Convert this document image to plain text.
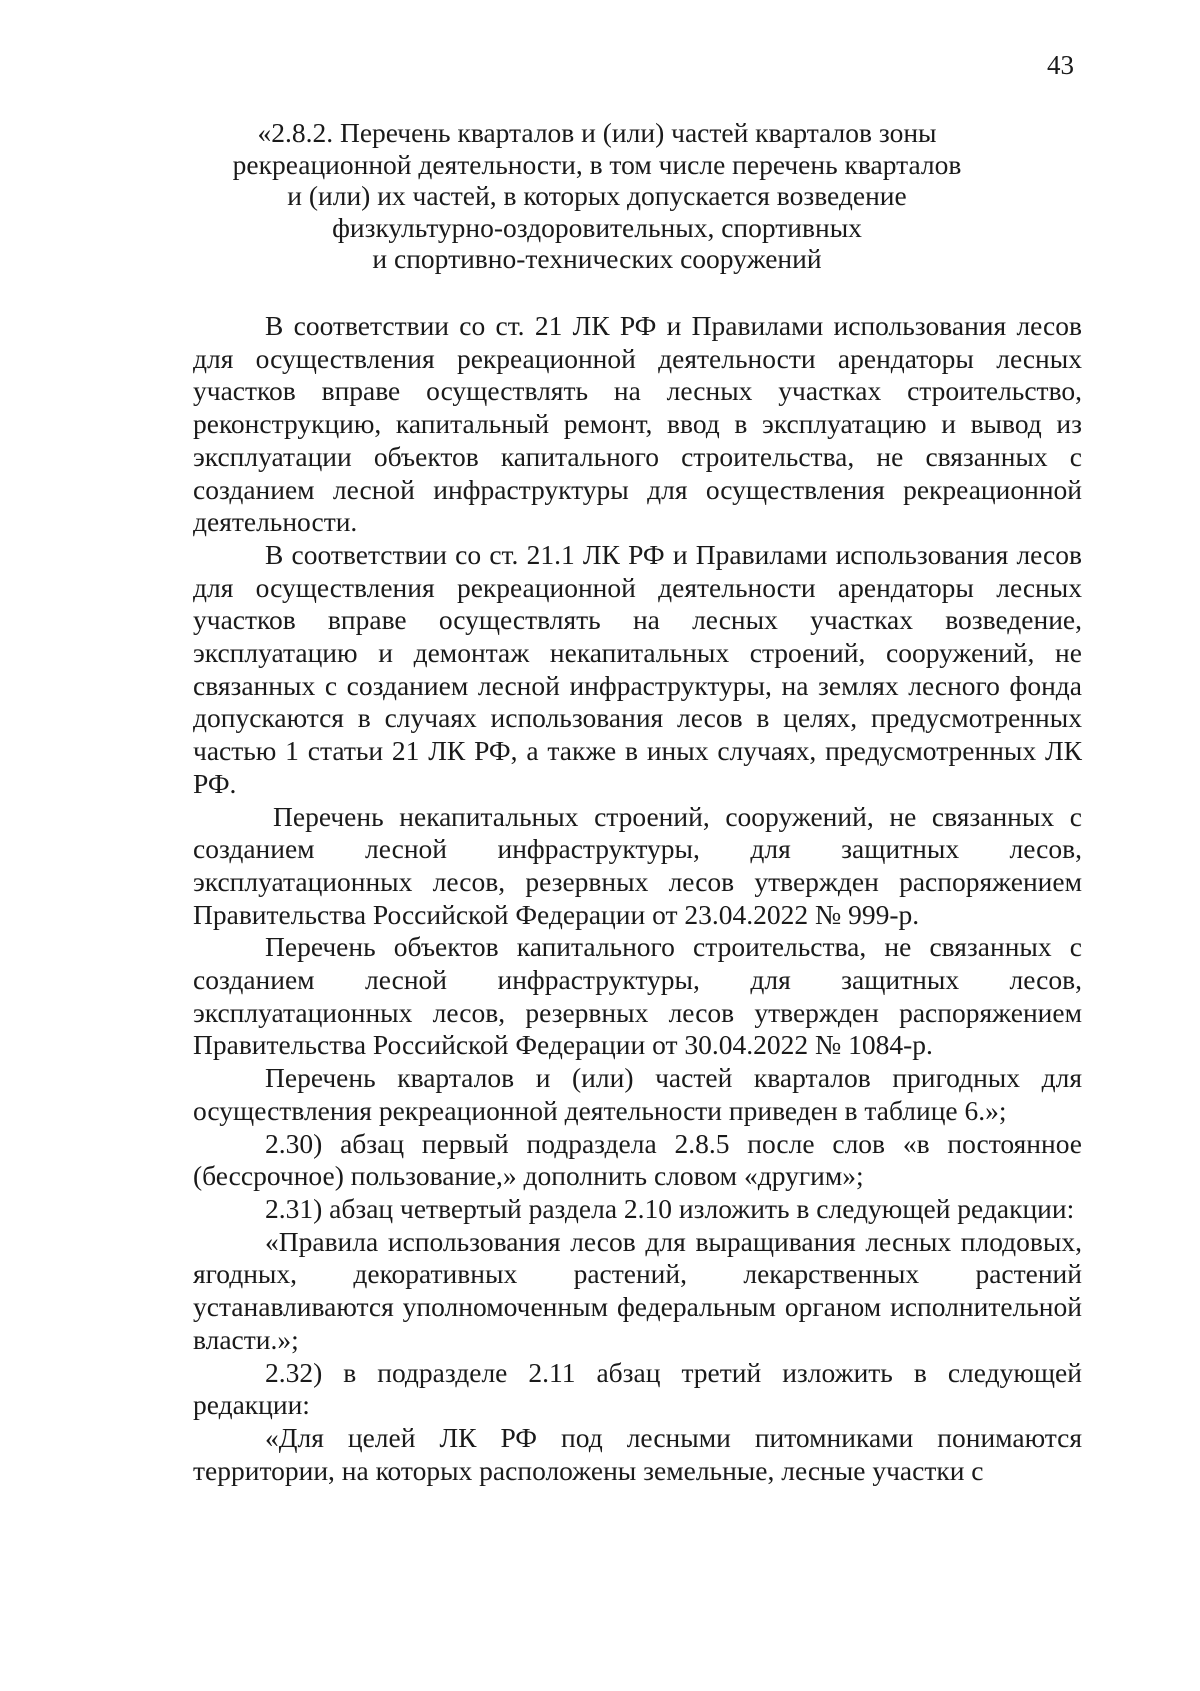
43
«2.8.2. Перечень кварталов и (или) частей кварталов зоны
рекреационной деятельности, в том числе перечень кварталов
и (или) их частей, в которых допускается возведение
физкультурно-оздоровительных, спортивных
и спортивно-технических сооружений

В соответствии со ст. 21 ЛК РФ и Правилами использования лесов для осуществления рекреационной деятельности арендаторы лесных участков вправе осуществлять на лесных участках строительство, реконструкцию, капитальный ремонт, ввод в эксплуатацию и вывод из эксплуатации объектов капитального строительства, не связанных с созданием лесной инфраструктуры для осуществления рекреационной деятельности.

В соответствии со ст. 21.1 ЛК РФ и Правилами использования лесов для осуществления рекреационной деятельности арендаторы лесных участков вправе осуществлять на лесных участках возведение, эксплуатацию и демонтаж некапитальных строений, сооружений, не связанных с созданием лесной инфраструктуры, на землях лесного фонда допускаются в случаях использования лесов в целях, предусмотренных частью 1 статьи 21 ЛК РФ, а также в иных случаях, предусмотренных ЛК РФ.

Перечень некапитальных строений, сооружений, не связанных с созданием лесной инфраструктуры, для защитных лесов, эксплуатационных лесов, резервных лесов утвержден распоряжением Правительства Российской Федерации от 23.04.2022 № 999-р.

Перечень объектов капитального строительства, не связанных с созданием лесной инфраструктуры, для защитных лесов, эксплуатационных лесов, резервных лесов утвержден распоряжением Правительства Российской Федерации от 30.04.2022 № 1084-р.

Перечень кварталов и (или) частей кварталов пригодных для осуществления рекреационной деятельности приведен в таблице 6.»;

2.30) абзац первый подраздела 2.8.5 после слов «в постоянное (бессрочное) пользование,» дополнить словом «другим»;

2.31) абзац четвертый раздела 2.10 изложить в следующей редакции:

«Правила использования лесов для выращивания лесных плодовых, ягодных, декоративных растений, лекарственных растений устанавливаются уполномоченным федеральным органом исполнительной власти.»;

2.32) в подразделе 2.11 абзац третий изложить в следующей редакции:

«Для целей ЛК РФ под лесными питомниками понимаются территории, на которых расположены земельные, лесные участки с
